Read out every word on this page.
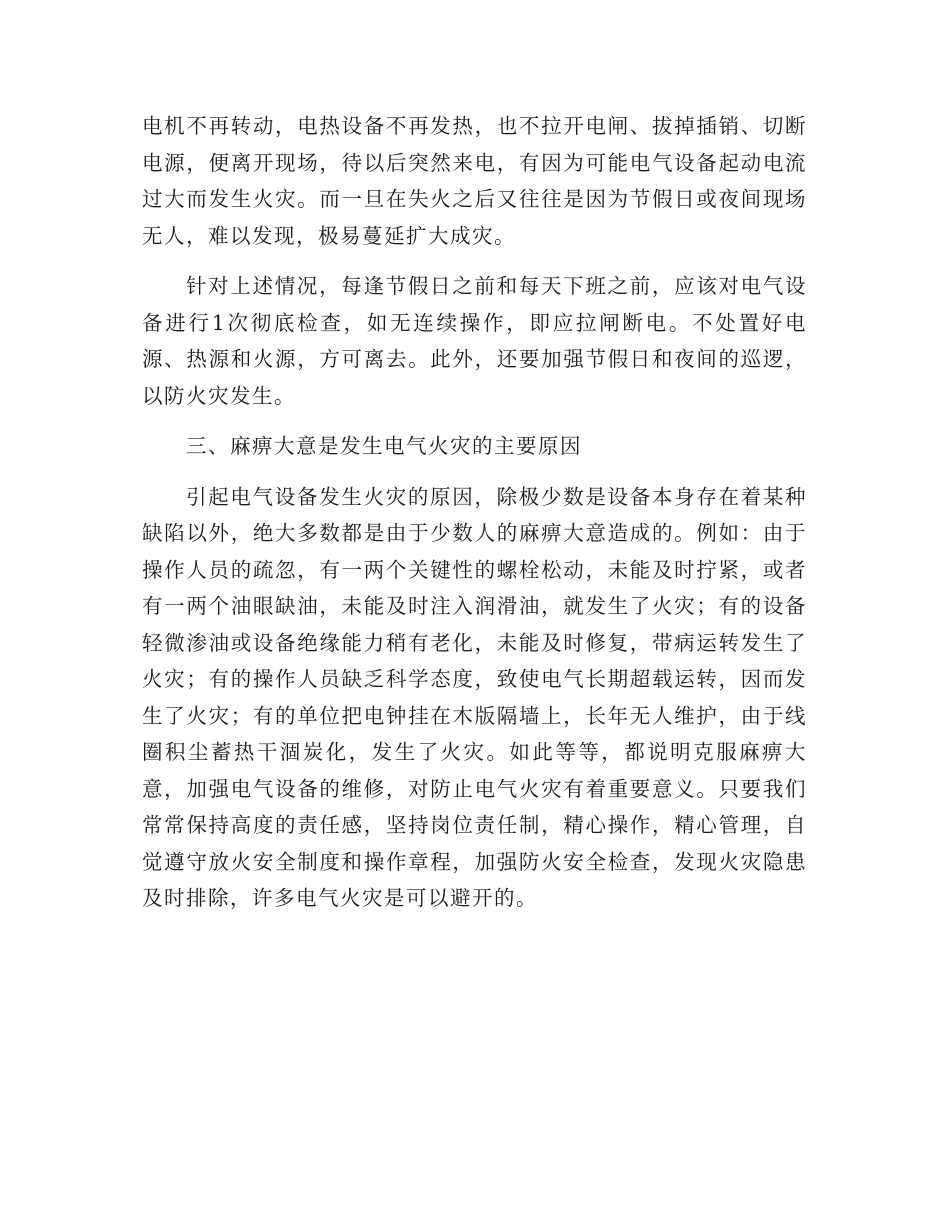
电机不再转动，电热设备不再发热，也不拉开电闸、拔掉插销、切断电源，便离开现场，待以后突然来电，有因为可能电气设备起动电流过大而发生火灾。而一旦在失火之后又往往是因为节假日或夜间现场无人，难以发现，极易蔓延扩大成灾。

针对上述情况，每逢节假日之前和每天下班之前，应该对电气设备进行1次彻底检查，如无连续操作，即应拉闸断电。不处置好电源、热源和火源，方可离去。此外，还要加强节假日和夜间的巡逻，以防火灾发生。

三、麻痹大意是发生电气火灾的主要原因

引起电气设备发生火灾的原因，除极少数是设备本身存在着某种缺陷以外，绝大多数都是由于少数人的麻痹大意造成的。例如：由于操作人员的疏忽，有一两个关键性的螺栓松动，未能及时拧紧，或者有一两个油眼缺油，未能及时注入润滑油，就发生了火灾；有的设备轻微渗油或设备绝缘能力稍有老化，未能及时修复，带病运转发生了火灾；有的操作人员缺乏科学态度，致使电气长期超载运转，因而发生了火灾；有的单位把电钟挂在木版隔墙上，长年无人维护，由于线圈积尘蓄热干涸炭化，发生了火灾。如此等等，都说明克服麻痹大意，加强电气设备的维修，对防止电气火灾有着重要意义。只要我们常常保持高度的责任感，坚持岗位责任制，精心操作，精心管理，自觉遵守放火安全制度和操作章程，加强防火安全检查，发现火灾隐患及时排除，许多电气火灾是可以避开的。
